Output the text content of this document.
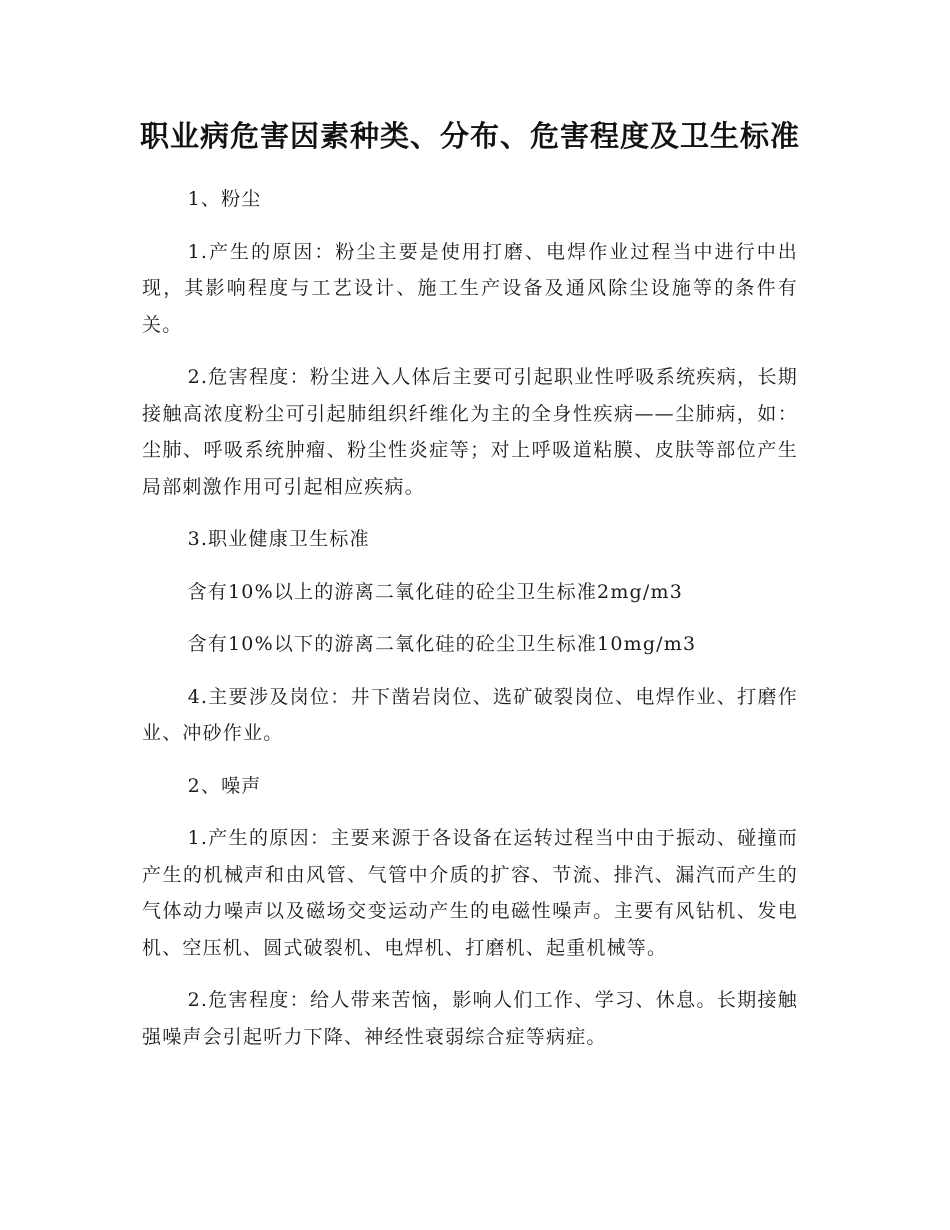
职业病危害因素种类、分布、危害程度及卫生标准

1、粉尘

1.产生的原因：粉尘主要是使用打磨、电焊作业过程当中进行中出现，其影响程度与工艺设计、施工生产设备及通风除尘设施等的条件有关。

2.危害程度：粉尘进入人体后主要可引起职业性呼吸系统疾病，长期接触高浓度粉尘可引起肺组织纤维化为主的全身性疾病——尘肺病，如：尘肺、呼吸系统肿瘤、粉尘性炎症等；对上呼吸道粘膜、皮肤等部位产生局部刺激作用可引起相应疾病。

3.职业健康卫生标准

含有10%以上的游离二氧化硅的砼尘卫生标准2mg/m3

含有10%以下的游离二氧化硅的砼尘卫生标准10mg/m3

4.主要涉及岗位：井下凿岩岗位、选矿破裂岗位、电焊作业、打磨作业、冲砂作业。

2、噪声

1.产生的原因：主要来源于各设备在运转过程当中由于振动、碰撞而产生的机械声和由风管、气管中介质的扩容、节流、排汽、漏汽而产生的气体动力噪声以及磁场交变运动产生的电磁性噪声。主要有风钻机、发电机、空压机、圆式破裂机、电焊机、打磨机、起重机械等。

2.危害程度：给人带来苦恼，影响人们工作、学习、休息。长期接触强噪声会引起听力下降、神经性衰弱综合症等病症。
